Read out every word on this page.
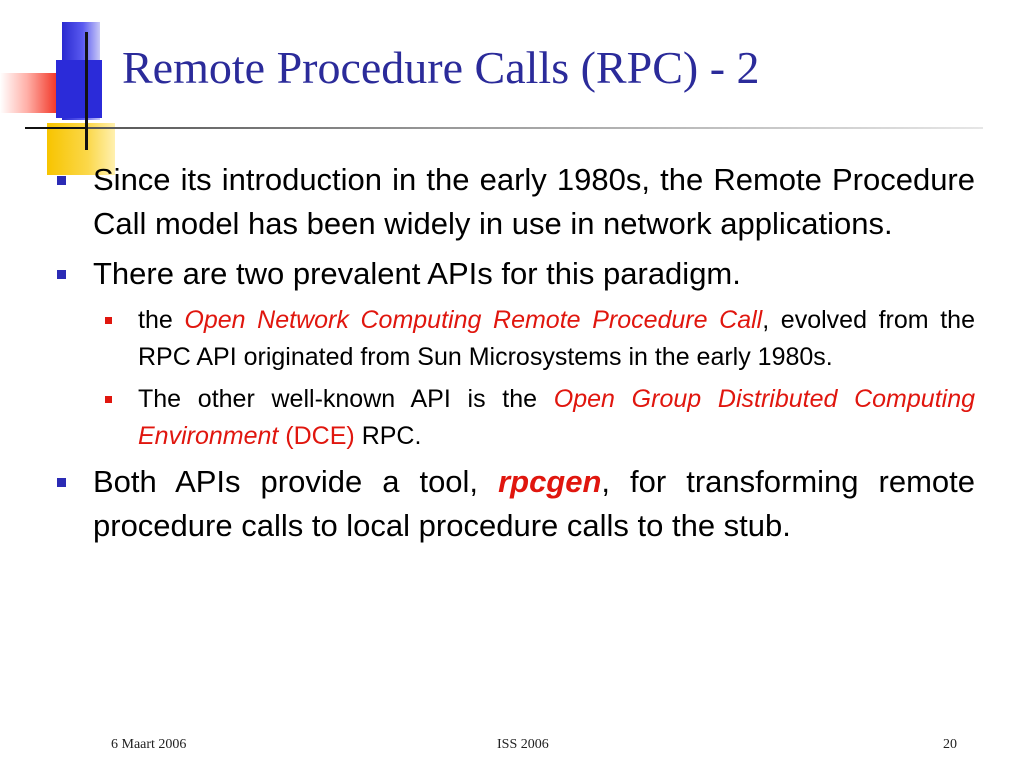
Remote Procedure Calls (RPC) - 2
Since its introduction in the early 1980s, the Remote Procedure Call model has been widely in use in network applications.
There are two prevalent APIs for this paradigm.
the Open Network Computing Remote Procedure Call, evolved from the RPC API originated from Sun Microsystems in the early 1980s.
The other well-known API is the Open Group Distributed Computing Environment (DCE) RPC.
Both APIs provide a tool, rpcgen, for transforming remote procedure calls to local procedure calls to the stub.
6 Maart 2006	ISS 2006	20
